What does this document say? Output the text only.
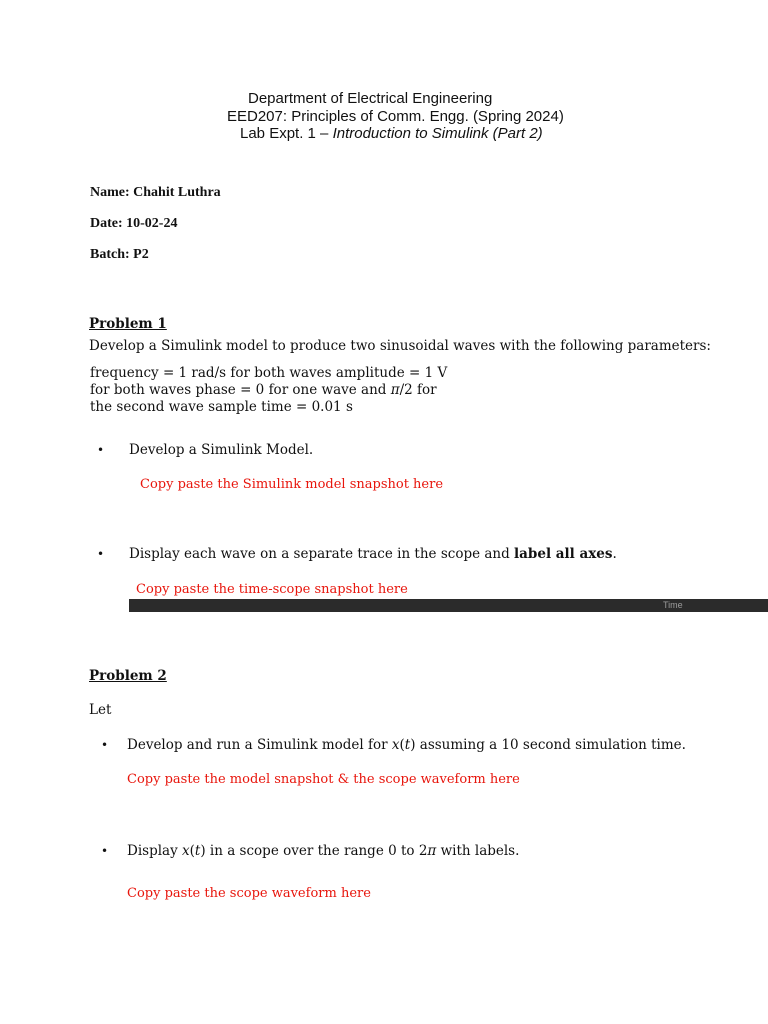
Department of Electrical Engineering
EED207: Principles of Comm. Engg. (Spring 2024)
Lab Expt. 1 – Introduction to Simulink (Part 2)
Name: Chahit Luthra
Date: 10-02-24
Batch: P2
Problem 1
Develop a Simulink model to produce two sinusoidal waves with the following parameters:
frequency = 1 rad/s for both waves amplitude = 1 V
for both waves phase = 0 for one wave and π/2 for
the second wave sample time = 0.01 s
• Develop a Simulink Model.
Copy paste the Simulink model snapshot here
• Display each wave on a separate trace in the scope and label all axes.
Copy paste the time-scope snapshot here
Time
Problem 2
Let
• Develop and run a Simulink model for x(t) assuming a 10 second simulation time.
Copy paste the model snapshot & the scope waveform here
• Display x(t) in a scope over the range 0 to 2π with labels.
Copy paste the scope waveform here
